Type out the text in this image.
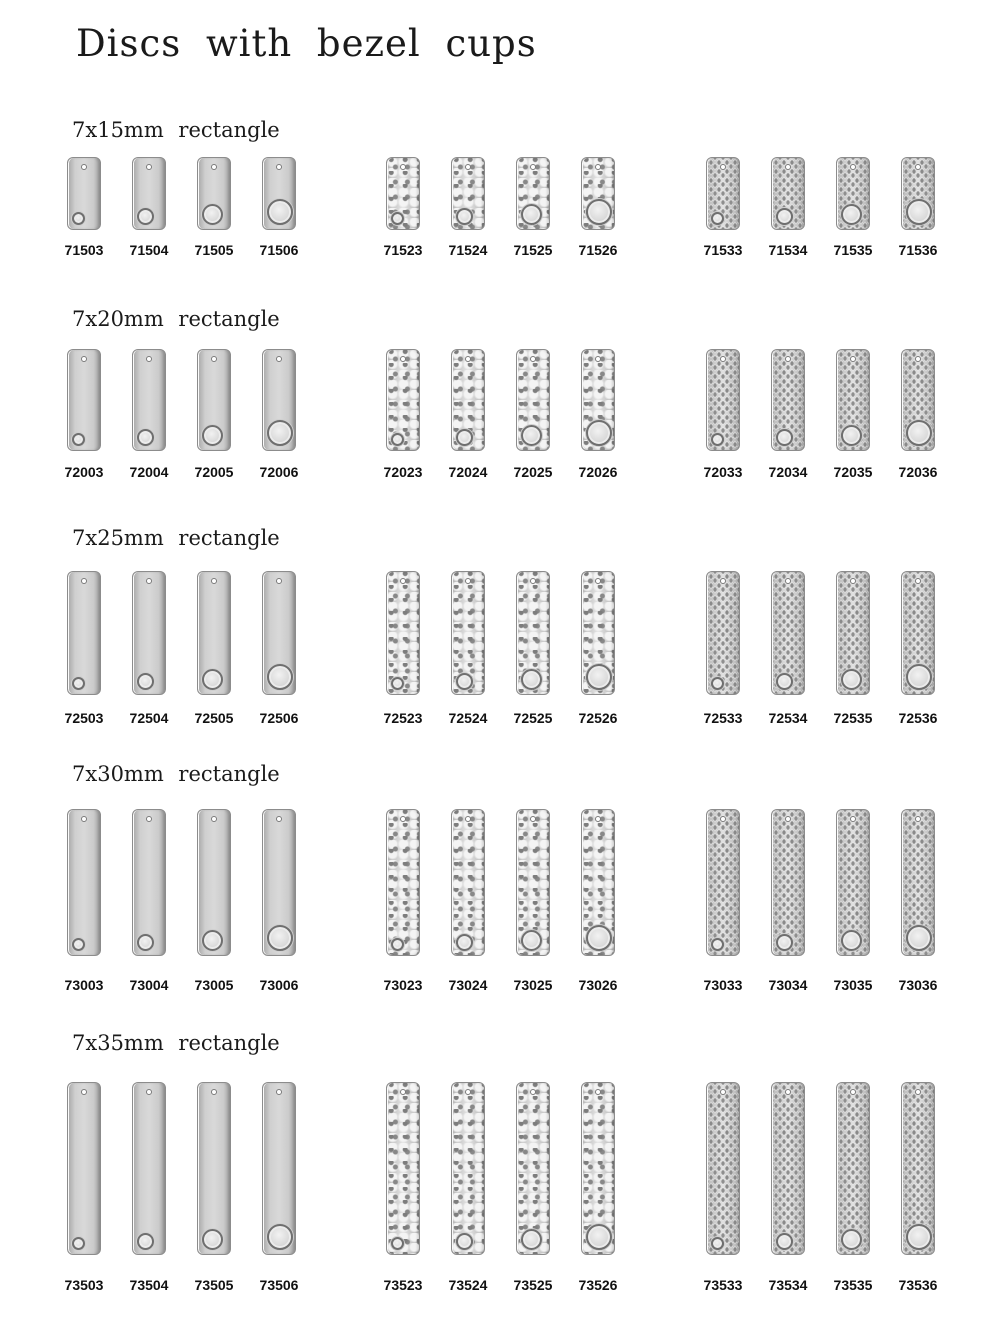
Discs with bezel cups
7x15mm rectangle

71503	71504	71505	71506	71523	71524	71525	71526	71533	71534	71535	71536

7x20mm rectangle

72003	72004	72005	72006	72023	72024	72025	72026	72033	72034	72035	72036

7x25mm rectangle

72503	72504	72505	72506	72523	72524	72525	72526	72533	72534	72535	72536

7x30mm rectangle

73003	73004	73005	73006	73023	73024	73025	73026	73033	73034	73035	73036

7x35mm rectangle

73503	73504	73505	73506	73523	73524	73525	73526	73533	73534	73535	73536
